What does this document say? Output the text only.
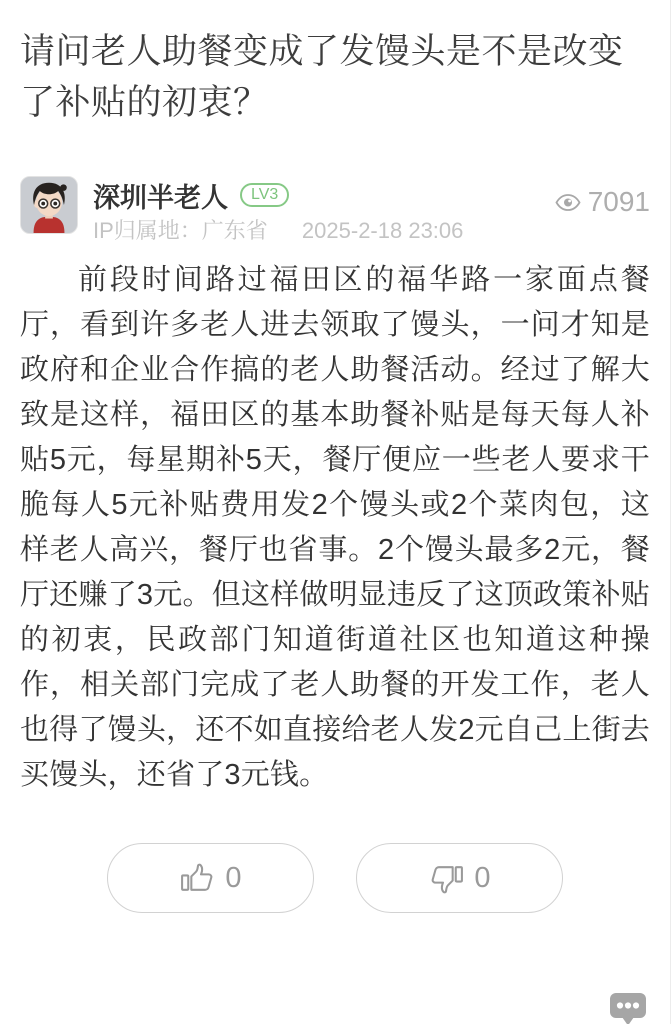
请问老人助餐变成了发馒头是不是改变了补贴的初衷？
深圳半老人	LV3
IP归属地：广东省 2025-2-18 23:06
7091

前段时间路过福田区的福华路一家面点餐厅，看到许多老人进去领取了馒头，一问才知是政府和企业合作搞的老人助餐活动。经过了解大致是这样，福田区的基本助餐补贴是每天每人补贴5元，每星期补5天，餐厅便应一些老人要求干脆每人5元补贴费用发2个馒头或2个菜肉包，这样老人高兴，餐厅也省事。2个馒头最多2元，餐厅还赚了3元。但这样做明显违反了这顶政策补贴的初衷，民政部门知道街道社区也知道这种操作，相关部门完成了老人助餐的开发工作，老人也得了馒头，还不如直接给老人发2元自己上街去买馒头，还省了3元钱。

0	0
